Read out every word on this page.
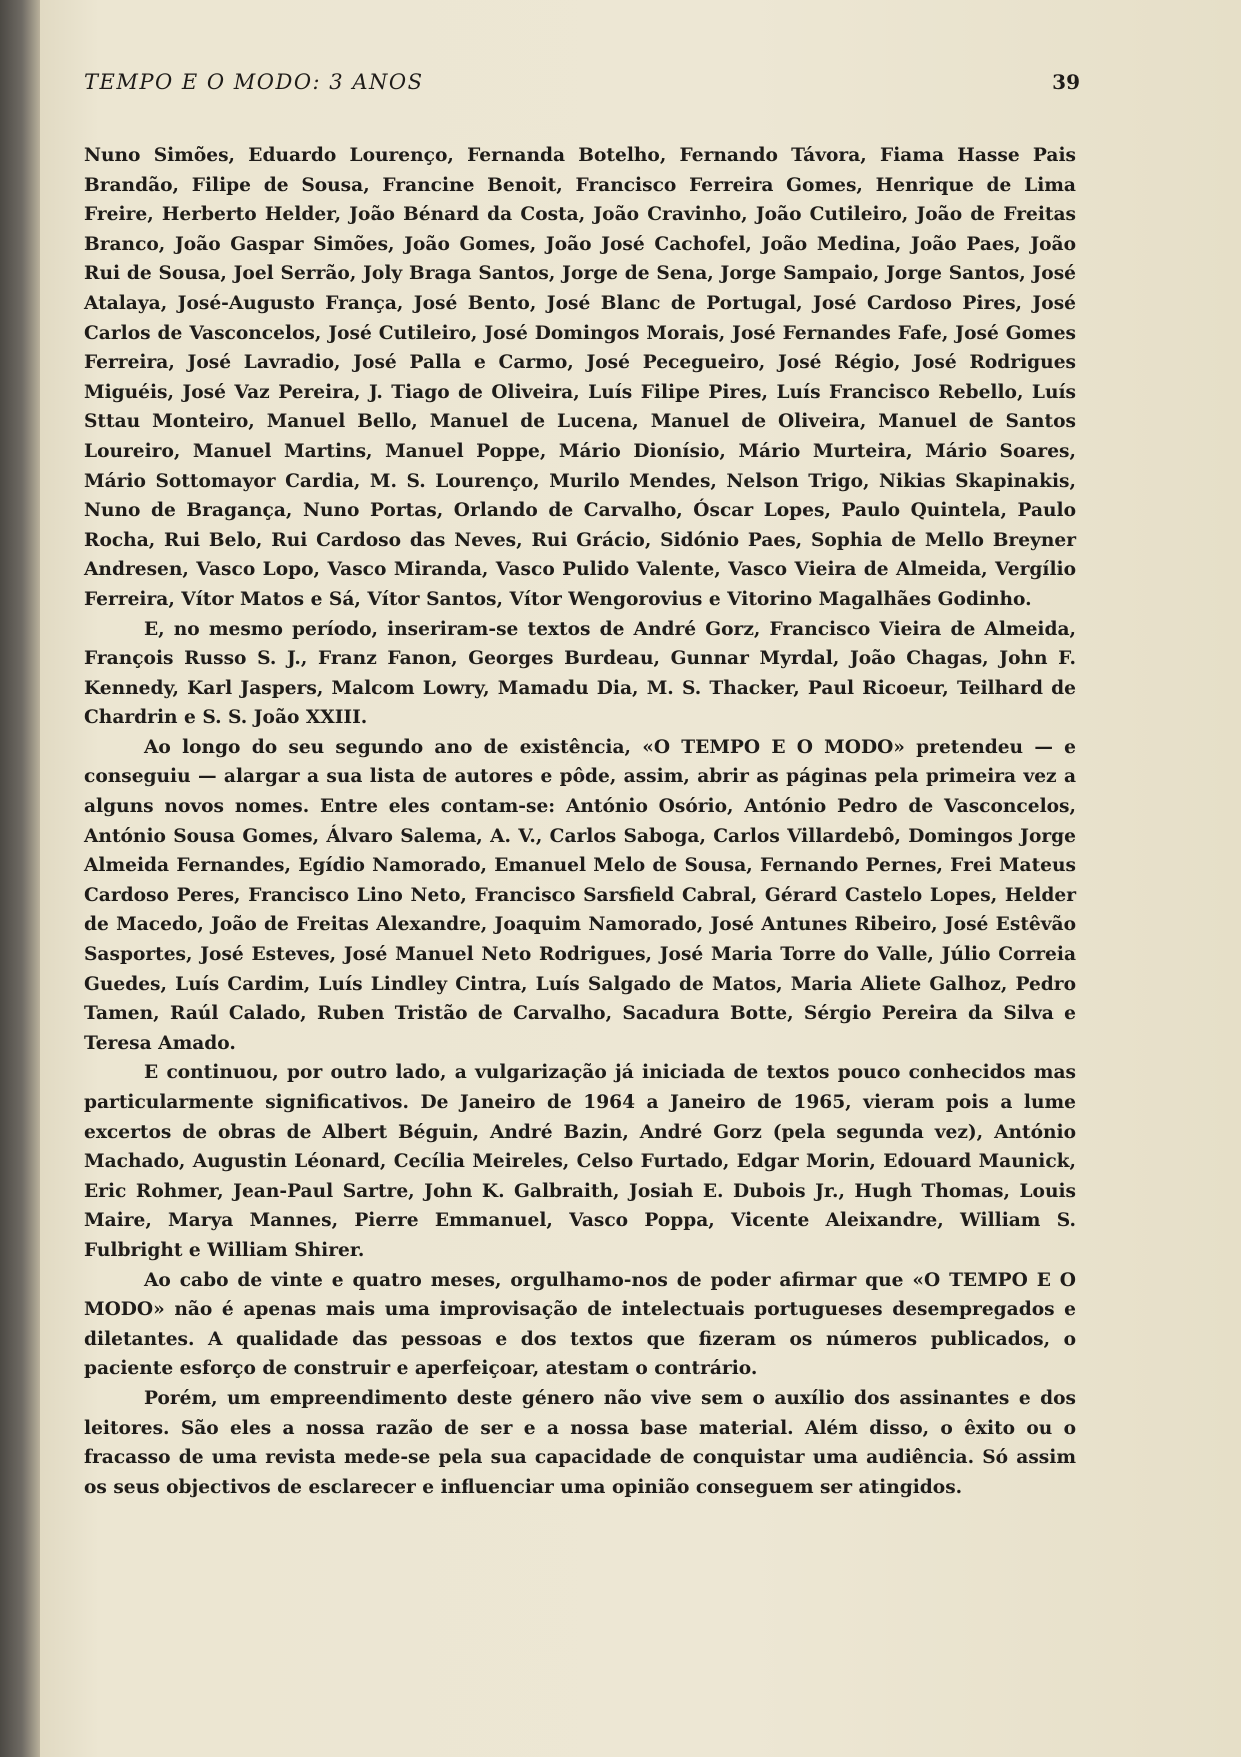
TEMPO E O MODO: 3 ANOS	39

Nuno Simões, Eduardo Lourenço, Fernanda Botelho, Fernando Távora, Fiama Hasse Pais Brandão, Filipe de Sousa, Francine Benoit, Francisco Ferreira Gomes, Henrique de Lima Freire, Herberto Helder, João Bénard da Costa, João Cravinho, João Cutileiro, João de Freitas Branco, João Gaspar Simões, João Gomes, João José Cachofel, João Medina, João Paes, João Rui de Sousa, Joel Serrão, Joly Braga Santos, Jorge de Sena, Jorge Sampaio, Jorge Santos, José Atalaya, José-Augusto França, José Bento, José Blanc de Portugal, José Cardoso Pires, José Carlos de Vasconcelos, José Cutileiro, José Domingos Morais, José Fernandes Fafe, José Gomes Ferreira, José Lavradio, José Palla e Carmo, José Pecegueiro, José Régio, José Rodrigues Miguéis, José Vaz Pereira, J. Tiago de Oliveira, Luís Filipe Pires, Luís Francisco Rebello, Luís Sttau Monteiro, Manuel Bello, Manuel de Lucena, Manuel de Oliveira, Manuel de Santos Loureiro, Manuel Martins, Manuel Poppe, Mário Dionísio, Mário Murteira, Mário Soares, Mário Sottomayor Cardia, M. S. Lourenço, Murilo Mendes, Nelson Trigo, Nikias Skapinakis, Nuno de Bragança, Nuno Portas, Orlando de Carvalho, Óscar Lopes, Paulo Quintela, Paulo Rocha, Rui Belo, Rui Cardoso das Neves, Rui Grácio, Sidónio Paes, Sophia de Mello Breyner Andresen, Vasco Lopo, Vasco Miranda, Vasco Pulido Valente, Vasco Vieira de Almeida, Vergílio Ferreira, Vítor Matos e Sá, Vítor Santos, Vítor Wengorovius e Vitorino Magalhães Godinho.

E, no mesmo período, inseriram-se textos de André Gorz, Francisco Vieira de Almeida, François Russo S. J., Franz Fanon, Georges Burdeau, Gunnar Myrdal, João Chagas, John F. Kennedy, Karl Jaspers, Malcom Lowry, Mamadu Dia, M. S. Thacker, Paul Ricoeur, Teilhard de Chardrin e S. S. João XXIII.

Ao longo do seu segundo ano de existência, «O TEMPO E O MODO» pretendeu — e conseguiu — alargar a sua lista de autores e pôde, assim, abrir as páginas pela primeira vez a alguns novos nomes. Entre eles contam-se: António Osório, António Pedro de Vasconcelos, António Sousa Gomes, Álvaro Salema, A. V., Carlos Saboga, Carlos Villardebô, Domingos Jorge Almeida Fernandes, Egídio Namorado, Emanuel Melo de Sousa, Fernando Pernes, Frei Mateus Cardoso Peres, Francisco Lino Neto, Francisco Sarsfield Cabral, Gérard Castelo Lopes, Helder de Macedo, João de Freitas Alexandre, Joaquim Namorado, José Antunes Ribeiro, José Estêvão Sasportes, José Esteves, José Manuel Neto Rodrigues, José Maria Torre do Valle, Júlio Correia Guedes, Luís Cardim, Luís Lindley Cintra, Luís Salgado de Matos, Maria Aliete Galhoz, Pedro Tamen, Raúl Calado, Ruben Tristão de Carvalho, Sacadura Botte, Sérgio Pereira da Silva e Teresa Amado.

E continuou, por outro lado, a vulgarização já iniciada de textos pouco conhecidos mas particularmente significativos. De Janeiro de 1964 a Janeiro de 1965, vieram pois a lume excertos de obras de Albert Béguin, André Bazin, André Gorz (pela segunda vez), António Machado, Augustin Léonard, Cecília Meireles, Celso Furtado, Edgar Morin, Edouard Maunick, Eric Rohmer, Jean-Paul Sartre, John K. Galbraith, Josiah E. Dubois Jr., Hugh Thomas, Louis Maire, Marya Mannes, Pierre Emmanuel, Vasco Poppa, Vicente Aleixandre, William S. Fulbright e William Shirer.

Ao cabo de vinte e quatro meses, orgulhamo-nos de poder afirmar que «O TEMPO E O MODO» não é apenas mais uma improvisação de intelectuais portugueses desempregados e diletantes. A qualidade das pessoas e dos textos que fizeram os números publicados, o paciente esforço de construir e aperfeiçoar, atestam o contrário.

Porém, um empreendimento deste género não vive sem o auxílio dos assinantes e dos leitores. São eles a nossa razão de ser e a nossa base material. Além disso, o êxito ou o fracasso de uma revista mede-se pela sua capacidade de conquistar uma audiência. Só assim os seus objectivos de esclarecer e influenciar uma opinião conseguem ser atingidos.
